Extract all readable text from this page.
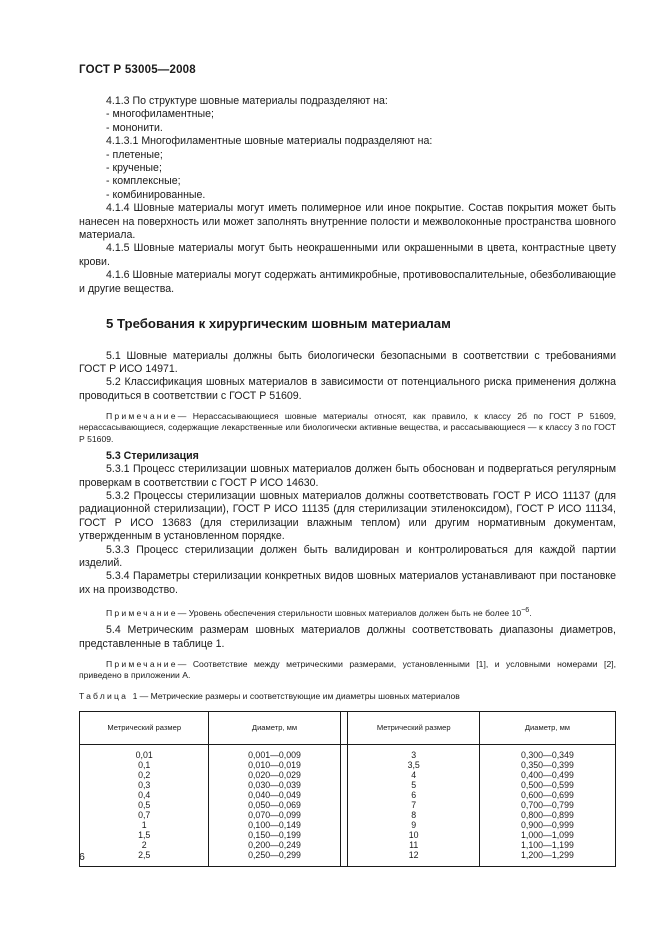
ГОСТ Р 53005—2008

4.1.3 По структуре шовные материалы подразделяют на:

- многофиламентные;

- мононити.

4.1.3.1 Многофиламентные шовные материалы подразделяют на:

- плетеные;

- крученые;

- комплексные;

- комбинированные.

4.1.4 Шовные материалы могут иметь полимерное или иное покрытие. Состав покрытия может быть нанесен на поверхность или может заполнять внутренние полости и межволоконные пространства шовного материала.

4.1.5 Шовные материалы могут быть неокрашенными или окрашенными в цвета, контрастные цвету крови.

4.1.6 Шовные материалы могут содержать антимикробные, противовоспалительные, обезболивающие и другие вещества.

5 Требования к хирургическим шовным материалам

5.1 Шовные материалы должны быть биологически безопасными в соответствии с требованиями ГОСТ Р ИСО 14971.

5.2 Классификация шовных материалов в зависимости от потенциального риска применения должна проводиться в соответствии с ГОСТ Р 51609.

Примечание— Нерассасывающиеся шовные материалы относят, как правило, к классу 2б по ГОСТ Р 51609, нерассасывающиеся, содержащие лекарственные или биологически активные вещества, и рассасывающиеся — к классу 3 по ГОСТ Р 51609.

5.3 Стерилизация

5.3.1 Процесс стерилизации шовных материалов должен быть обоснован и подвергаться регулярным проверкам в соответствии с ГОСТ Р ИСО 14630.

5.3.2 Процессы стерилизации шовных материалов должны соответствовать ГОСТ Р ИСО 11137 (для радиационной стерилизации), ГОСТ Р ИСО 11135 (для стерилизации этиленоксидом), ГОСТ Р ИСО 11134, ГОСТ Р ИСО 13683 (для стерилизации влажным теплом) или другим нормативным документам, утвержденным в установленном порядке.

5.3.3 Процесс стерилизации должен быть валидирован и контролироваться для каждой партии изделий.

5.3.4 Параметры стерилизации конкретных видов шовных материалов устанавливают при постановке их на производство.

Примечание— Уровень обеспечения стерильности шовных материалов должен быть не более $10^{-6}$.

5.4 Метрическим размерам шовных материалов должны соответствовать диапазоны диаметров, представленные в таблице 1.

Примечание— Соответствие между метрическими размерами, установленными [1], и условными номерами [2], приведено в приложении А.

Таблица 1— Метрические размеры и соответствующие им диаметры шовных материалов
Метрический размер	Диаметр, мм		Метрический размер	Диаметр, мм
0,01	0,001—0,009		3	0,300—0,349
0,1	0,010—0,019		3,5	0,350—0,399
0,2	0,020—0,029		4	0,400—0,499
0,3	0,030—0,039		5	0,500—0,599
0,4	0,040—0,049		6	0,600—0,699
0,5	0,050—0,069		7	0,700—0,799
0,7	0,070—0,099		8	0,800—0,899
1	0,100—0,149		9	0,900—0,999
1,5	0,150—0,199		10	1,000—1,099
2	0,200—0,249		11	1,100—1,199
2,5	0,250—0,299		12	1,200—1,299
6
